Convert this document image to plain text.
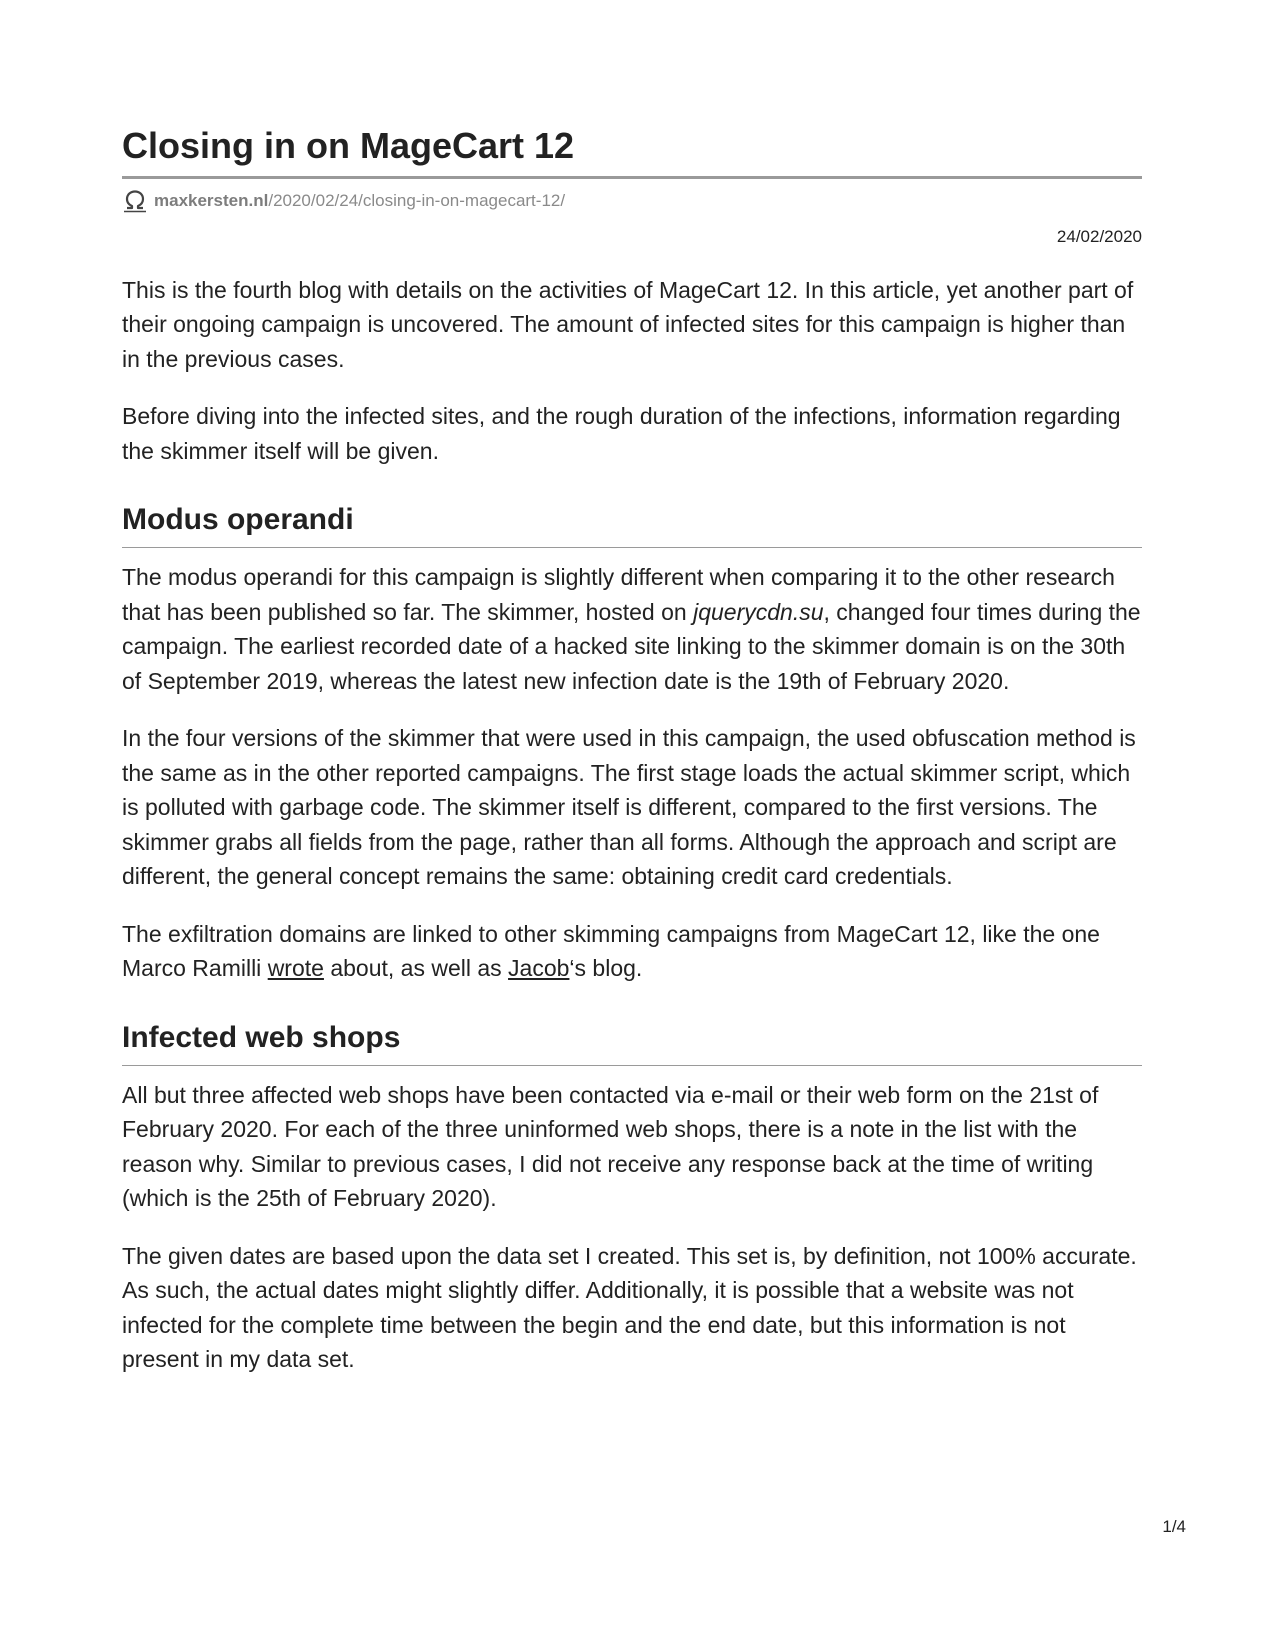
Closing in on MageCart 12
maxkersten.nl /2020/02/24/closing-in-on-magecart-12/
24/02/2020

This is the fourth blog with details on the activities of MageCart 12. In this article, yet another part of their ongoing campaign is uncovered. The amount of infected sites for this campaign is higher than in the previous cases.

Before diving into the infected sites, and the rough duration of the infections, information regarding the skimmer itself will be given.

Modus operandi

The modus operandi for this campaign is slightly different when comparing it to the other research that has been published so far. The skimmer, hosted on jquerycdn.su, changed four times during the campaign. The earliest recorded date of a hacked site linking to the skimmer domain is on the 30th of September 2019, whereas the latest new infection date is the 19th of February 2020.

In the four versions of the skimmer that were used in this campaign, the used obfuscation method is the same as in the other reported campaigns. The first stage loads the actual skimmer script, which is polluted with garbage code. The skimmer itself is different, compared to the first versions. The skimmer grabs all fields from the page, rather than all forms. Although the approach and script are different, the general concept remains the same: obtaining credit card credentials.

The exfiltration domains are linked to other skimming campaigns from MageCart 12, like the one Marco Ramilli wrote about, as well as Jacob‘s blog.

Infected web shops

All but three affected web shops have been contacted via e-mail or their web form on the 21st of February 2020. For each of the three uninformed web shops, there is a note in the list with the reason why. Similar to previous cases, I did not receive any response back at the time of writing (which is the 25th of February 2020).

The given dates are based upon the data set I created. This set is, by definition, not 100% accurate. As such, the actual dates might slightly differ. Additionally, it is possible that a website was not infected for the complete time between the begin and the end date, but this information is not present in my data set.

1/4
